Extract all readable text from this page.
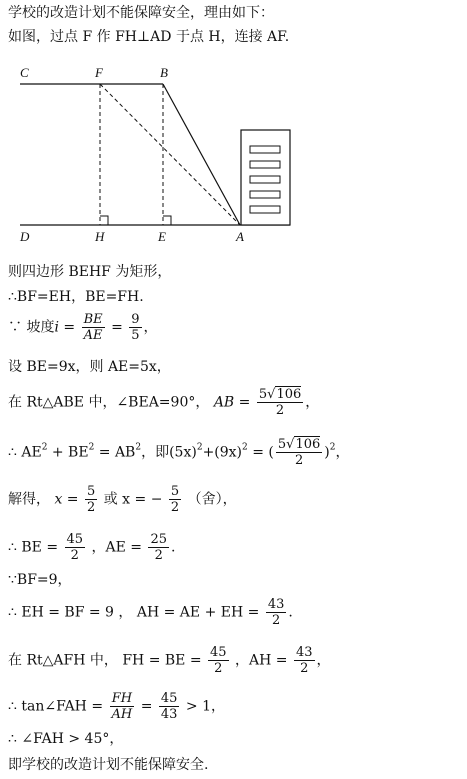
学校的改造计划不能保障安全，理由如下：
如图，过点 F 作 FH⊥AD 于点 H，连接 AF.
C	F	B
D	H	E	A
则四边形 BEHF 为矩形，
∴BF=EH，BE=FH.
∵ 坡度$i = \frac{BE}{AE} = \frac{9}{5}$ ，
设 BE=9x，则 AE=5x，
在 Rt△ABE 中，∠BEA=90°， AB = $\frac{5√106}{2}$ ，
∴ $AE^2 + BE^2 = AB^2$，即$(5x)^2+(9x)^2$ = ( $\frac{5√106}{2} )^2$，
解得， $x = \frac{5}{2}$ 或 x = − $\frac{5}{2}$ （舍），
∴ BE = $\frac{45}{2}$ ，AE = $\frac{25}{2}$ .
∵BF=9，
∴ EH = BF = 9 ， AH = AE + EH = $\frac{43}{2}$ .
在 Rt△AFH 中， FH = BE = $\frac{45}{2}$ ，AH = $\frac{43}{2}$ ，
∴ tan∠FAH = $\frac{FH}{AH} = \frac{45}{43} > 1$，
∴ ∠FAH > 45°，
即学校的改造计划不能保障安全.
